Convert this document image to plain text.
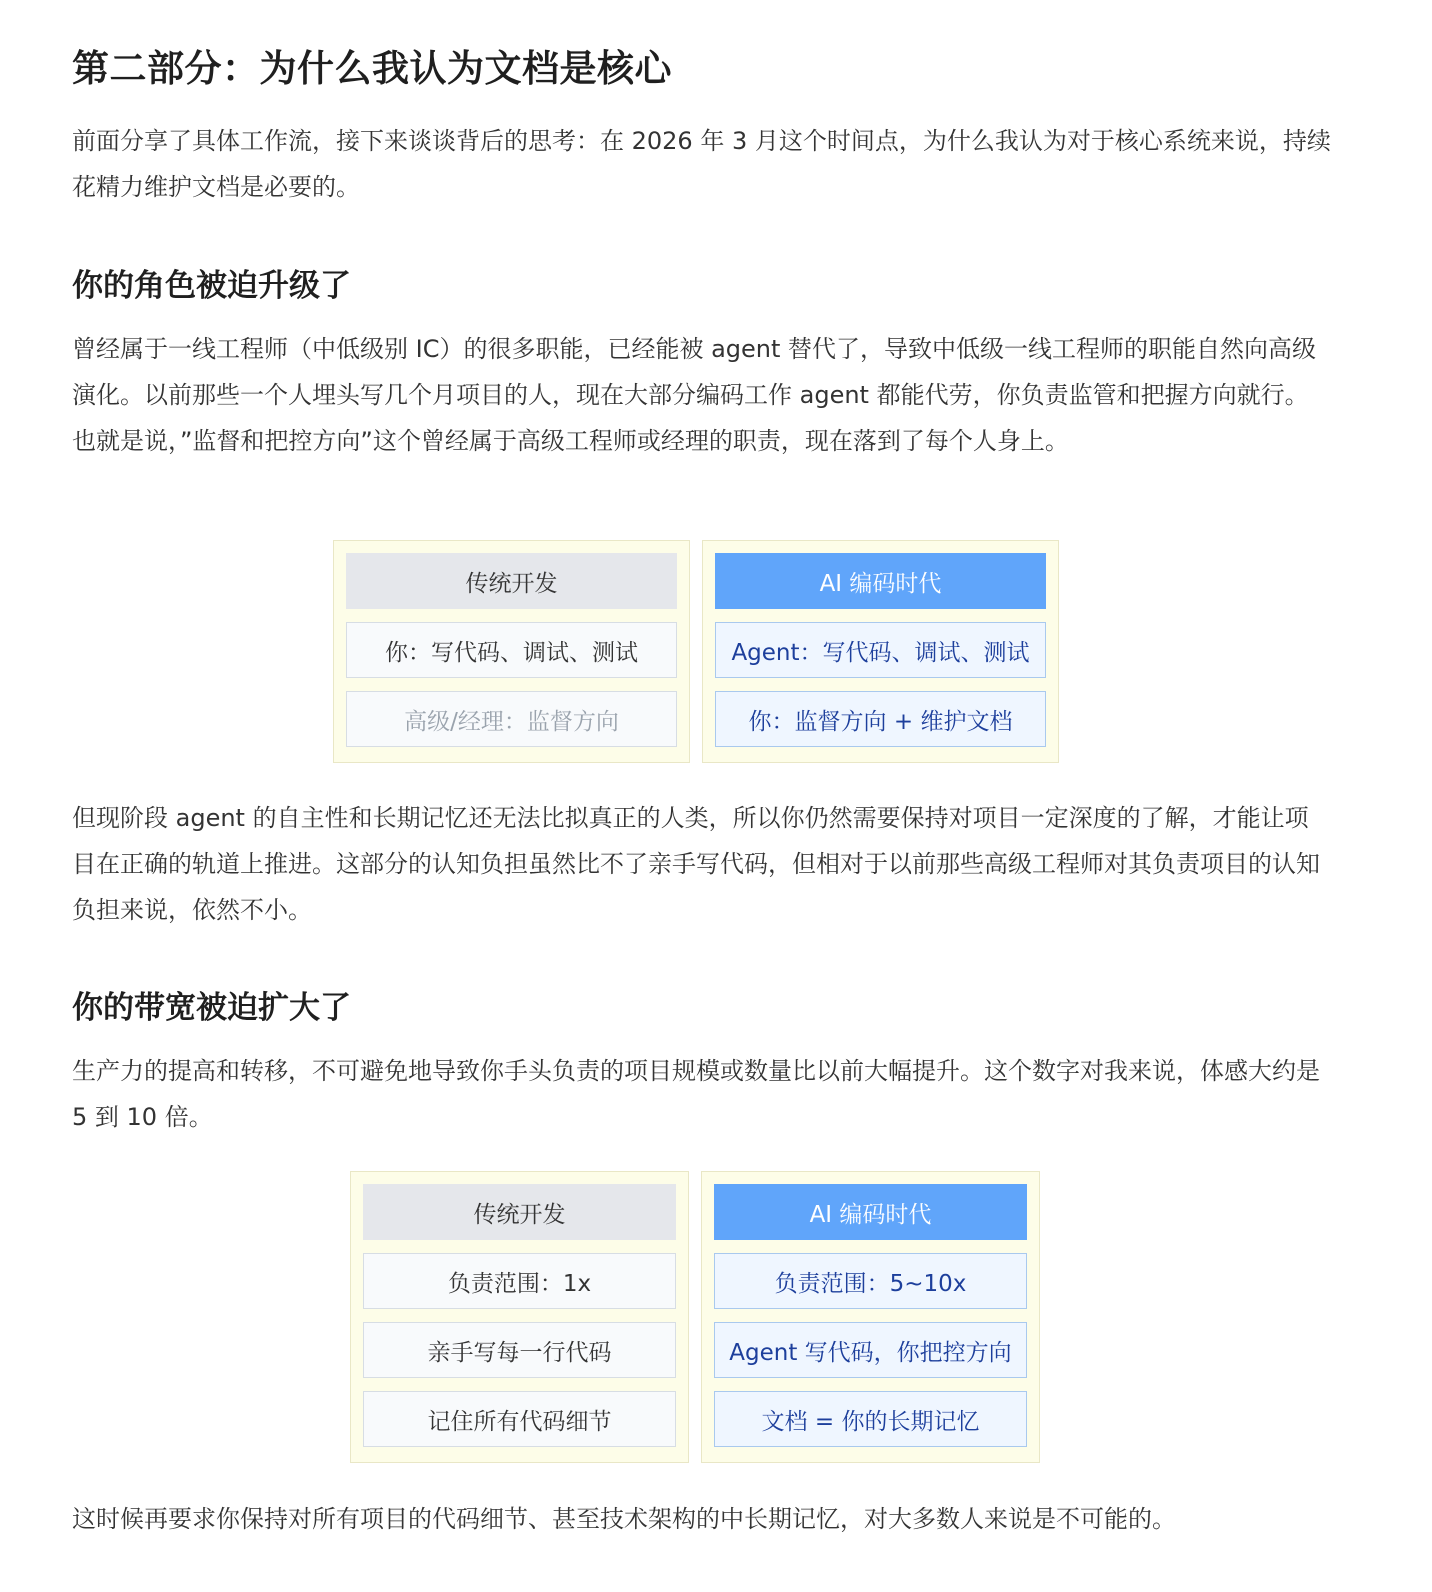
第二部分：为什么我认为文档是核心

前面分享了具体工作流，接下来谈谈背后的思考：在 2026 年 3 月这个时间点，为什么我认为对于核心系统来说，持续花精力维护文档是必要的。

你的角色被迫升级了

曾经属于一线工程师（中低级别 IC）的很多职能，已经能被 agent 替代了，导致中低级一线工程师的职能自然向高级演化。以前那些一个人埋头写几个月项目的人，现在大部分编码工作 agent 都能代劳，你负责监管和把握方向就行。也就是说，”监督和把控方向”这个曾经属于高级工程师或经理的职责，现在落到了每个人身上。

传统开发
你：写代码、调试、测试
高级/经理：监督方向
AI 编码时代
Agent：写代码、调试、测试
你：监督方向 + 维护文档

但现阶段 agent 的自主性和长期记忆还无法比拟真正的人类，所以你仍然需要保持对项目一定深度的了解，才能让项目在正确的轨道上推进。这部分的认知负担虽然比不了亲手写代码，但相对于以前那些高级工程师对其负责项目的认知负担来说，依然不小。

你的带宽被迫扩大了

生产力的提高和转移，不可避免地导致你手头负责的项目规模或数量比以前大幅提升。这个数字对我来说，体感大约是 5 到 10 倍。

传统开发
负责范围：1x
亲手写每一行代码
记住所有代码细节
AI 编码时代
负责范围：5~10x
Agent 写代码，你把控方向
文档 = 你的长期记忆

这时候再要求你保持对所有项目的代码细节、甚至技术架构的中长期记忆，对大多数人来说是不可能的。
